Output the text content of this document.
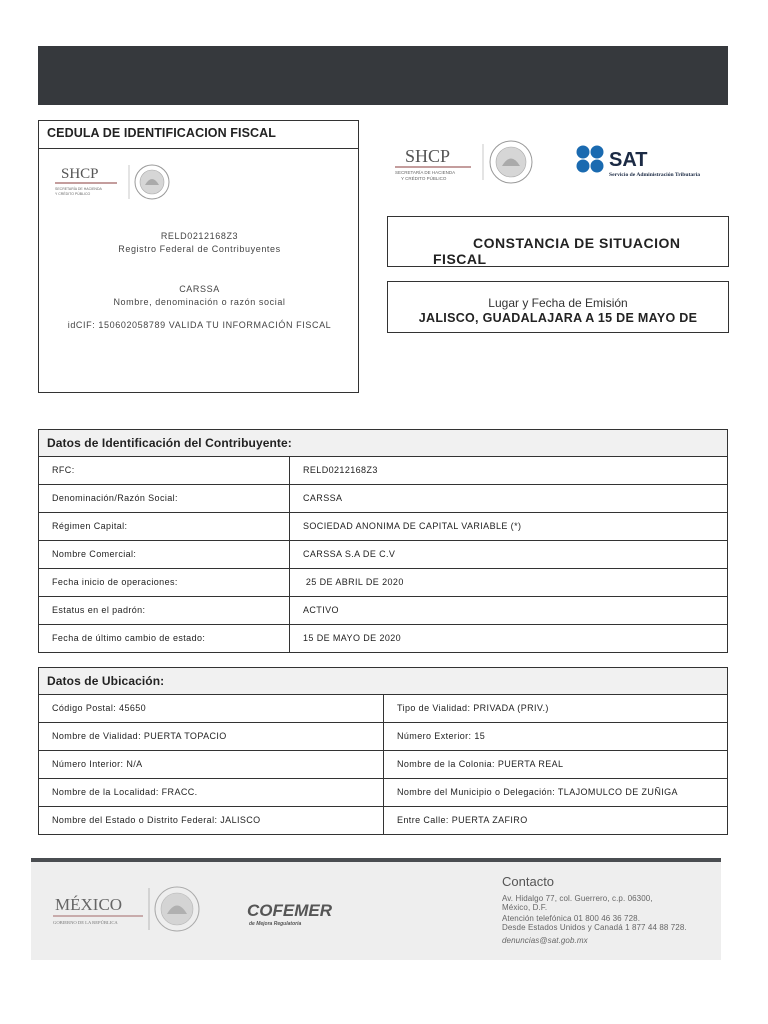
CEDULA DE IDENTIFICACION FISCAL
SHCP
SECRETARÍA DE HACIENDA
Y CRÉDITO PÚBLICO
RELD0212168Z3
Registro Federal de Contribuyentes
CARSSA
Nombre, denominación o razón social
idCIF: 150602058789 VALIDA TU INFORMACIÓN FISCAL
SHCP
SECRETARÍA DE HACIENDA
Y CRÉDITO PÚBLICO
SAT
Servicio de Administración Tributaria
CONSTANCIA DE SITUACION
FISCAL
Lugar y Fecha de Emisión
JALISCO, GUADALAJARA A 15 DE MAYO DE
Datos de Identificación del Contribuyente:
RFC:	RELD0212168Z3
Denominación/Razón Social:	CARSSA
Régimen Capital:	SOCIEDAD ANONIMA DE CAPITAL VARIABLE (*)
Nombre Comercial:	CARSSA S.A DE C.V
Fecha inicio de operaciones:	25 DE ABRIL DE 2020
Estatus en el padrón:	ACTIVO
Fecha de último cambio de estado:	15 DE MAYO DE 2020
Datos de Ubicación:
Código Postal: 45650	Tipo de Vialidad: PRIVADA (PRIV.)
Nombre de Vialidad: PUERTA TOPACIO	Número Exterior: 15
Número Interior: N/A	Nombre de la Colonia: PUERTA REAL
Nombre de la Localidad: FRACC.	Nombre del Municipio o Delegación: TLAJOMULCO DE ZUÑIGA
Nombre del Estado o Distrito Federal: JALISCO	Entre Calle: PUERTA ZAFIRO
MÉXICO
GOBIERNO DE LA REPÚBLICA
COFEMER
de Mejora Regulatoria
Contacto
Av. Hidalgo 77, col. Guerrero, c.p. 06300,
México, D.F.
Atención telefónica 01 800 46 36 728.
Desde Estados Unidos y Canadá 1 877 44 88 728.
denuncias@sat.gob.mx
